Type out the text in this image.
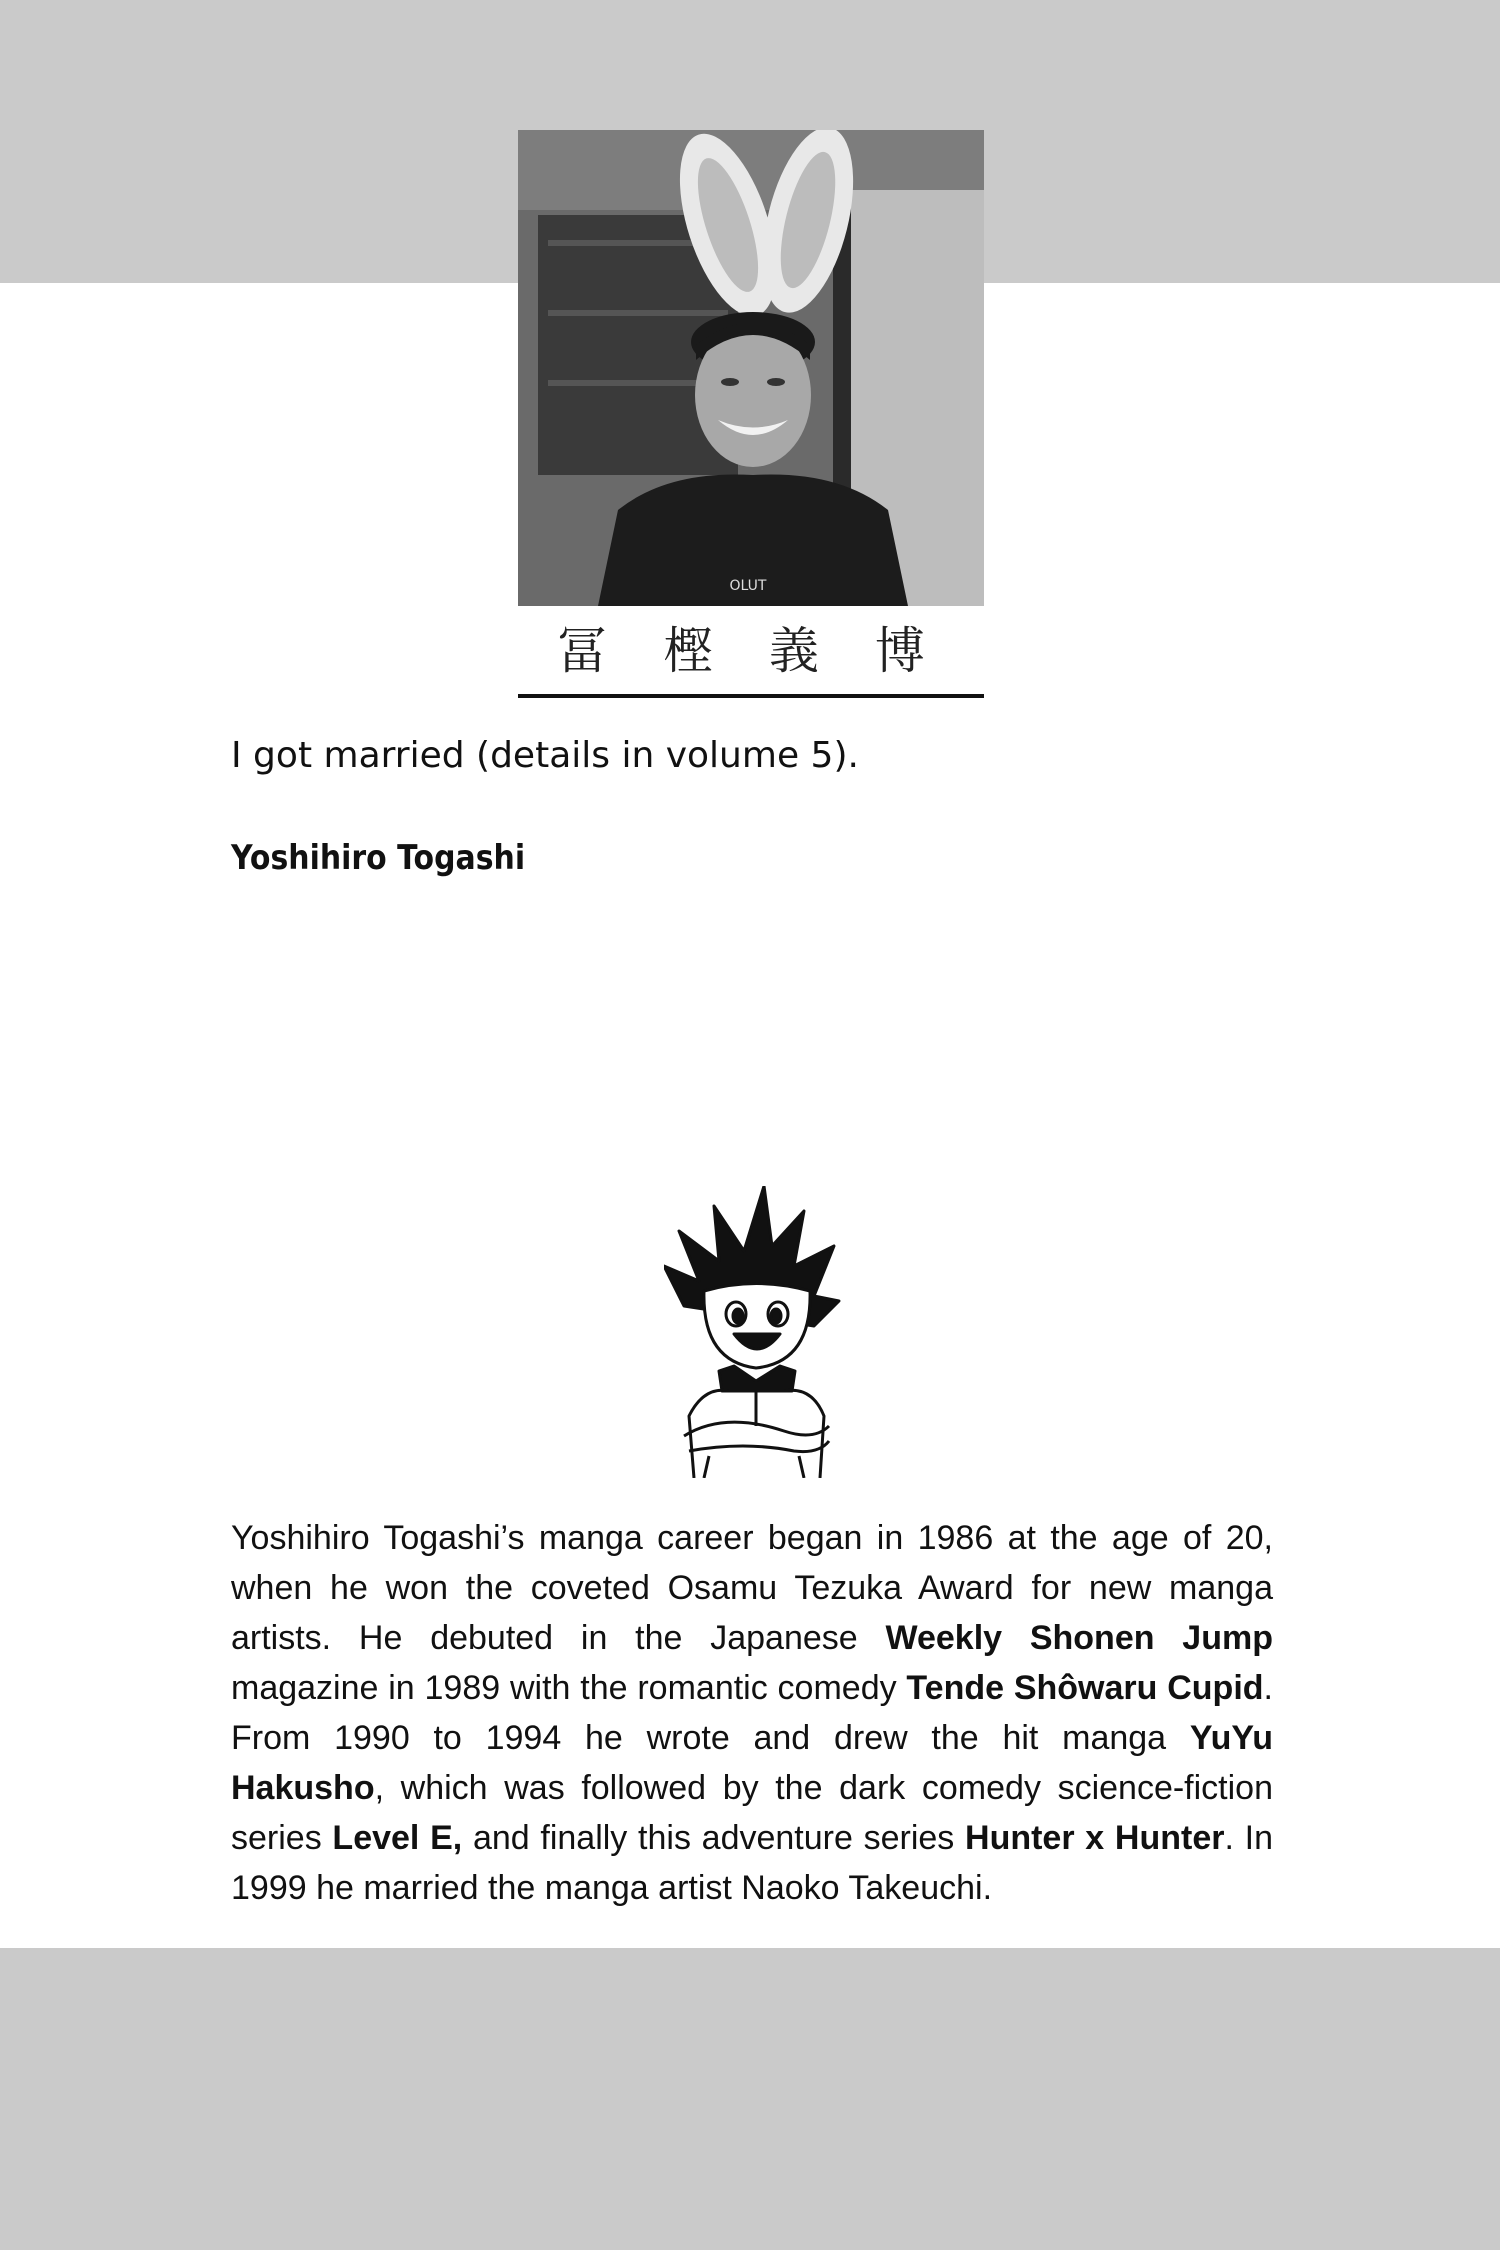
OLUT
冨 樫 義 博
I got married (details in volume 5).
Yoshihiro Togashi
Yoshihiro Togashi’s manga career began in 1986 at the age of 20, when he won the coveted Osamu Tezuka Award for new manga artists. He debuted in the Japanese Weekly Shonen Jump magazine in 1989 with the romantic comedy Tende Shôwaru Cupid. From 1990 to 1994 he wrote and drew the hit manga YuYu Hakusho, which was followed by the dark comedy science-fiction series Level E, and finally this adventure series Hunter x Hunter. In 1999 he married the manga artist Naoko Takeuchi.
